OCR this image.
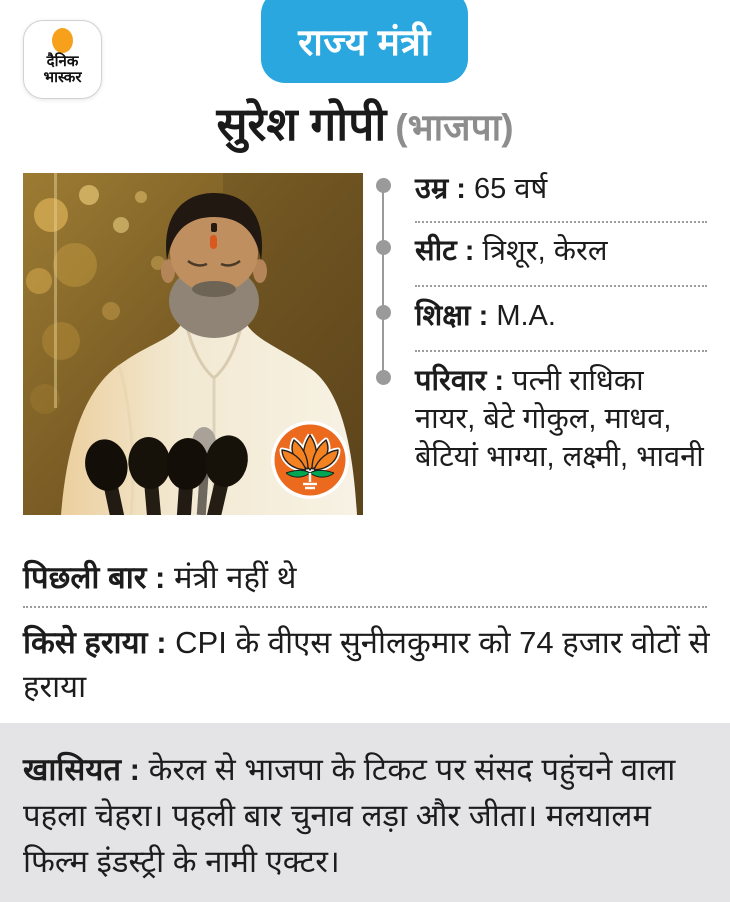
दैनिक
भास्कर
राज्य मंत्री
सुरेश गोपी (भाजपा)
उम्र : 65 वर्ष
सीट : त्रिशूर, केरल
शिक्षा : M.A.
परिवार : पत्नी राधिका नायर, बेटे गोकुल, माधव, बेटियां भाग्या, लक्ष्मी, भावनी

पिछली बार : मंत्री नहीं थे

किसे हराया : CPI के वीएस सुनीलकुमार को 74 हजार वोटों से हराया

खासियत : केरल से भाजपा के टिकट पर संसद पहुंचने वाला पहला चेहरा। पहली बार चुनाव लड़ा और जीता। मलयालम फिल्म इंडस्ट्री के नामी एक्टर।
